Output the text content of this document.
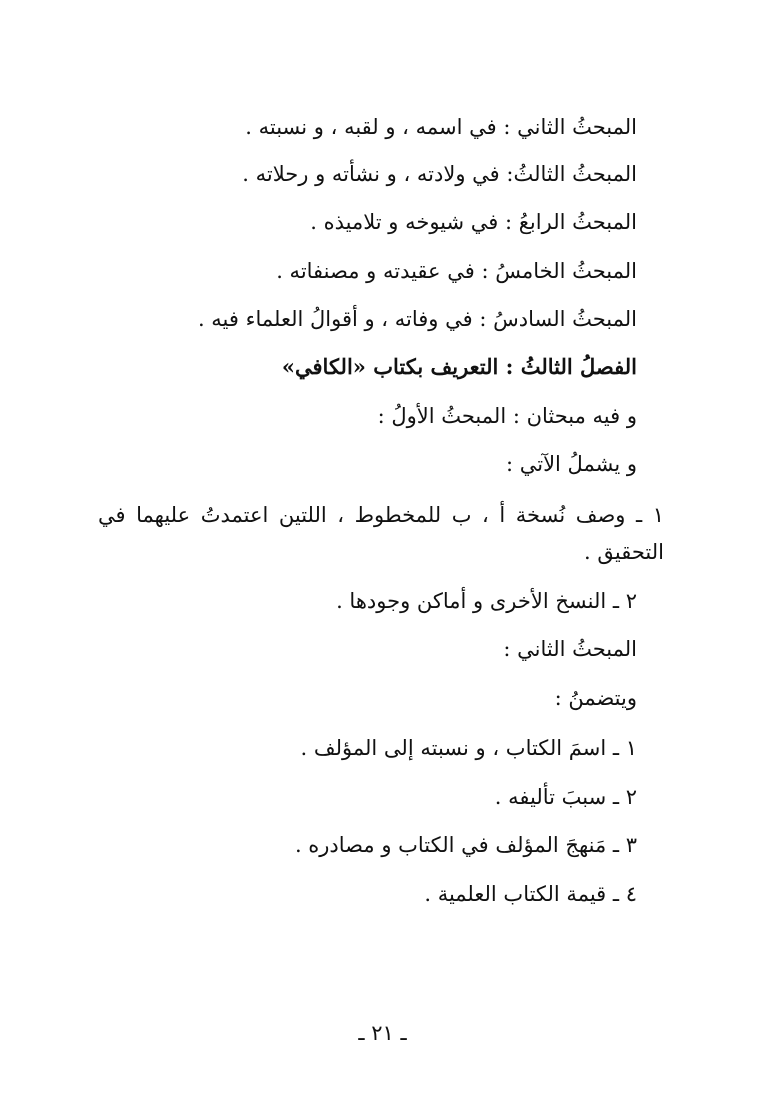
المبحثُ الثاني : في اسمه ، و لقبه ، و نسبته .
المبحثُ الثالثُ: في ولادته ، و نشأته و رحلاته .
المبحثُ الرابعُ : في شيوخه و تلاميذه .
المبحثُ الخامسُ : في عقيدته و مصنفاته .
المبحثُ السادسُ : في وفاته ، و أقوالُ العلماء فيه .
الفصلُ الثالثُ : التعريف بكتاب «الكافي»
و فيه مبحثان : المبحثُ الأولُ :
و يشملُ الآتي :
١ ـ وصف نُسخة أ ، ب للمخطوط ، اللتين اعتمدتُ عليهما في
التحقيق .
٢ ـ النسخ الأخرى و أماكن وجودها .
المبحثُ الثاني :
ويتضمنُ :
١ ـ اسمَ الكتاب ، و نسبته إلى المؤلف .
٢ ـ سببَ تأليفه .
٣ ـ مَنهجَ المؤلف في الكتاب و مصادره .
٤ ـ قيمة الكتاب العلمية .
ـ ٢١ ـ
